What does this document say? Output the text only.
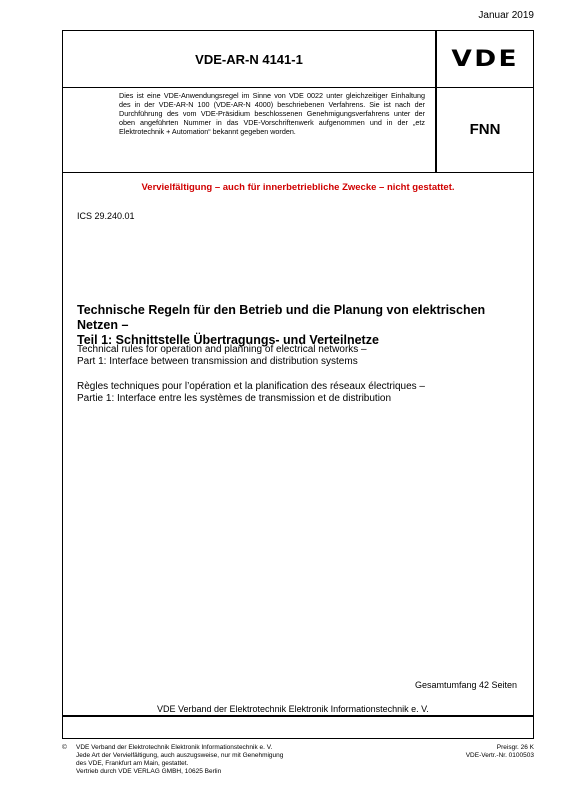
Januar 2019
VDE-AR-N 4141-1	VDE
Dies ist eine VDE-Anwendungsregel im Sinne von VDE 0022 unter gleichzeitiger Einhaltung des in der VDE-AR-N 100 (VDE-AR-N 4000) beschriebenen Verfahrens. Sie ist nach der Durchführung des vom VDE-Präsidium beschlossenen Genehmigungsverfahrens unter der oben angeführten Nummer in das VDE-Vorschriftenwerk aufgenommen und in der „etz Elektrotechnik + Automation“ bekannt gegeben worden.	FNN
Vervielfältigung – auch für innerbetriebliche Zwecke – nicht gestattet.
ICS 29.240.01
Technische Regeln für den Betrieb und die Planung von elektrischen Netzen –
Teil 1: Schnittstelle Übertragungs- und Verteilnetze
Technical rules for operation and planning of electrical networks –
Part 1: Interface between transmission and distribution systems
Règles techniques pour l’opération et la planification des réseaux électriques –
Partie 1: Interface entre les systèmes de transmission et de distribution
Gesamtumfang 42 Seiten
VDE Verband der Elektrotechnik Elektronik Informationstechnik e. V.
© VDE Verband der Elektrotechnik Elektronik Informationstechnik e. V.
Jede Art der Vervielfältigung, auch auszugsweise, nur mit Genehmigung
des VDE, Frankfurt am Main, gestattet.
Vertrieb durch VDE VERLAG GMBH, 10625 Berlin
Preisgr. 26 K
VDE-Vertr.-Nr. 0100503
